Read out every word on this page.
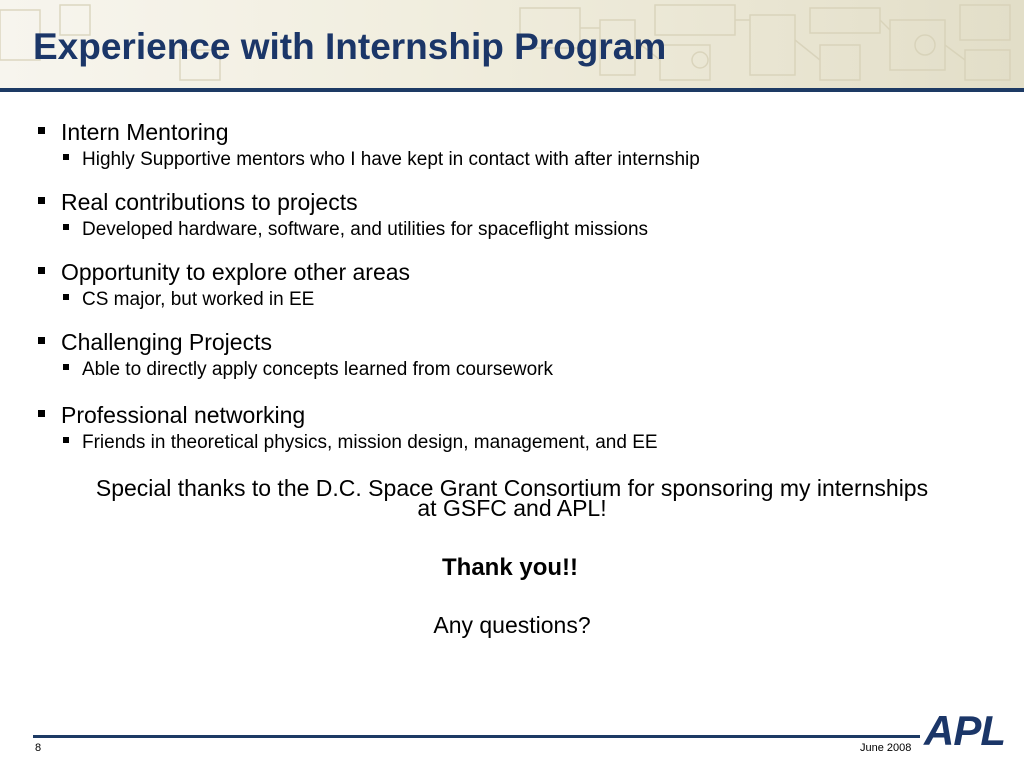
Experience with Internship Program
Intern Mentoring
Highly Supportive mentors who I have kept in contact with after internship
Real contributions to projects
Developed hardware, software, and utilities for spaceflight missions
Opportunity to explore other areas
CS major, but worked in EE
Challenging Projects
Able to directly apply concepts learned from coursework
Professional networking
Friends in theoretical physics, mission design, management, and EE
Special thanks to the D.C. Space Grant Consortium for sponsoring my internships
at GSFC and APL!
Thank you!!
Any questions?
8	June 2008 APL
